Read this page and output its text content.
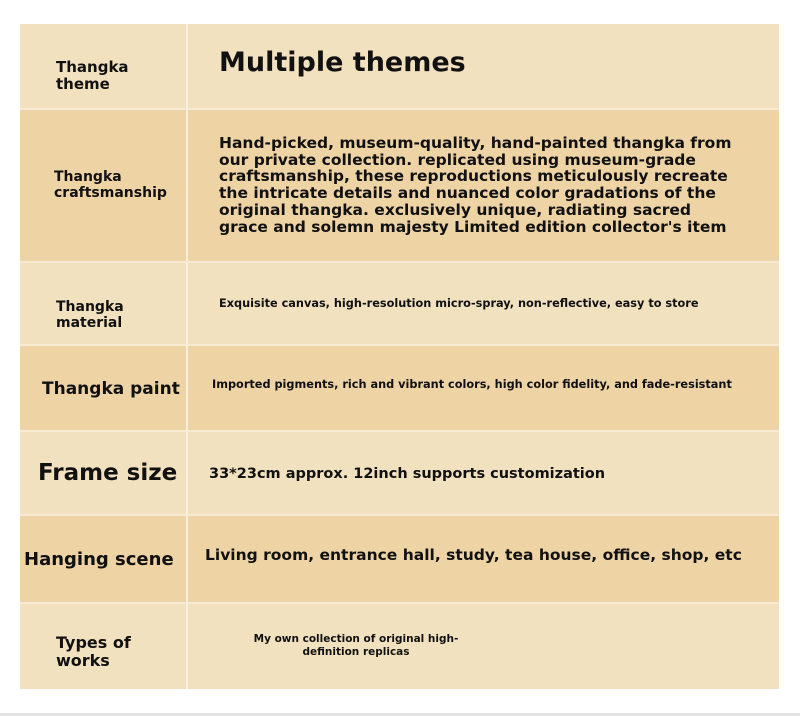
Thangka theme
Multiple themes
Thangka craftsmanship
Hand-picked, museum-quality, hand-painted thangka from our private collection. replicated using museum-grade craftsmanship, these reproductions meticulously recreate the intricate details and nuanced color gradations of the original thangka. exclusively unique, radiating sacred grace and solemn majesty Limited edition collector's item
Thangka material
Exquisite canvas, high-resolution micro-spray, non-reflective, easy to store
Thangka paint	Imported pigments, rich and vibrant colors, high color fidelity, and fade-resistant
Frame size 33*23cm approx. 12inch supports customization
Hanging scene Living room, entrance hall, study, tea house, office, shop, etc
Types of works
My own collection of original high-definition replicas
